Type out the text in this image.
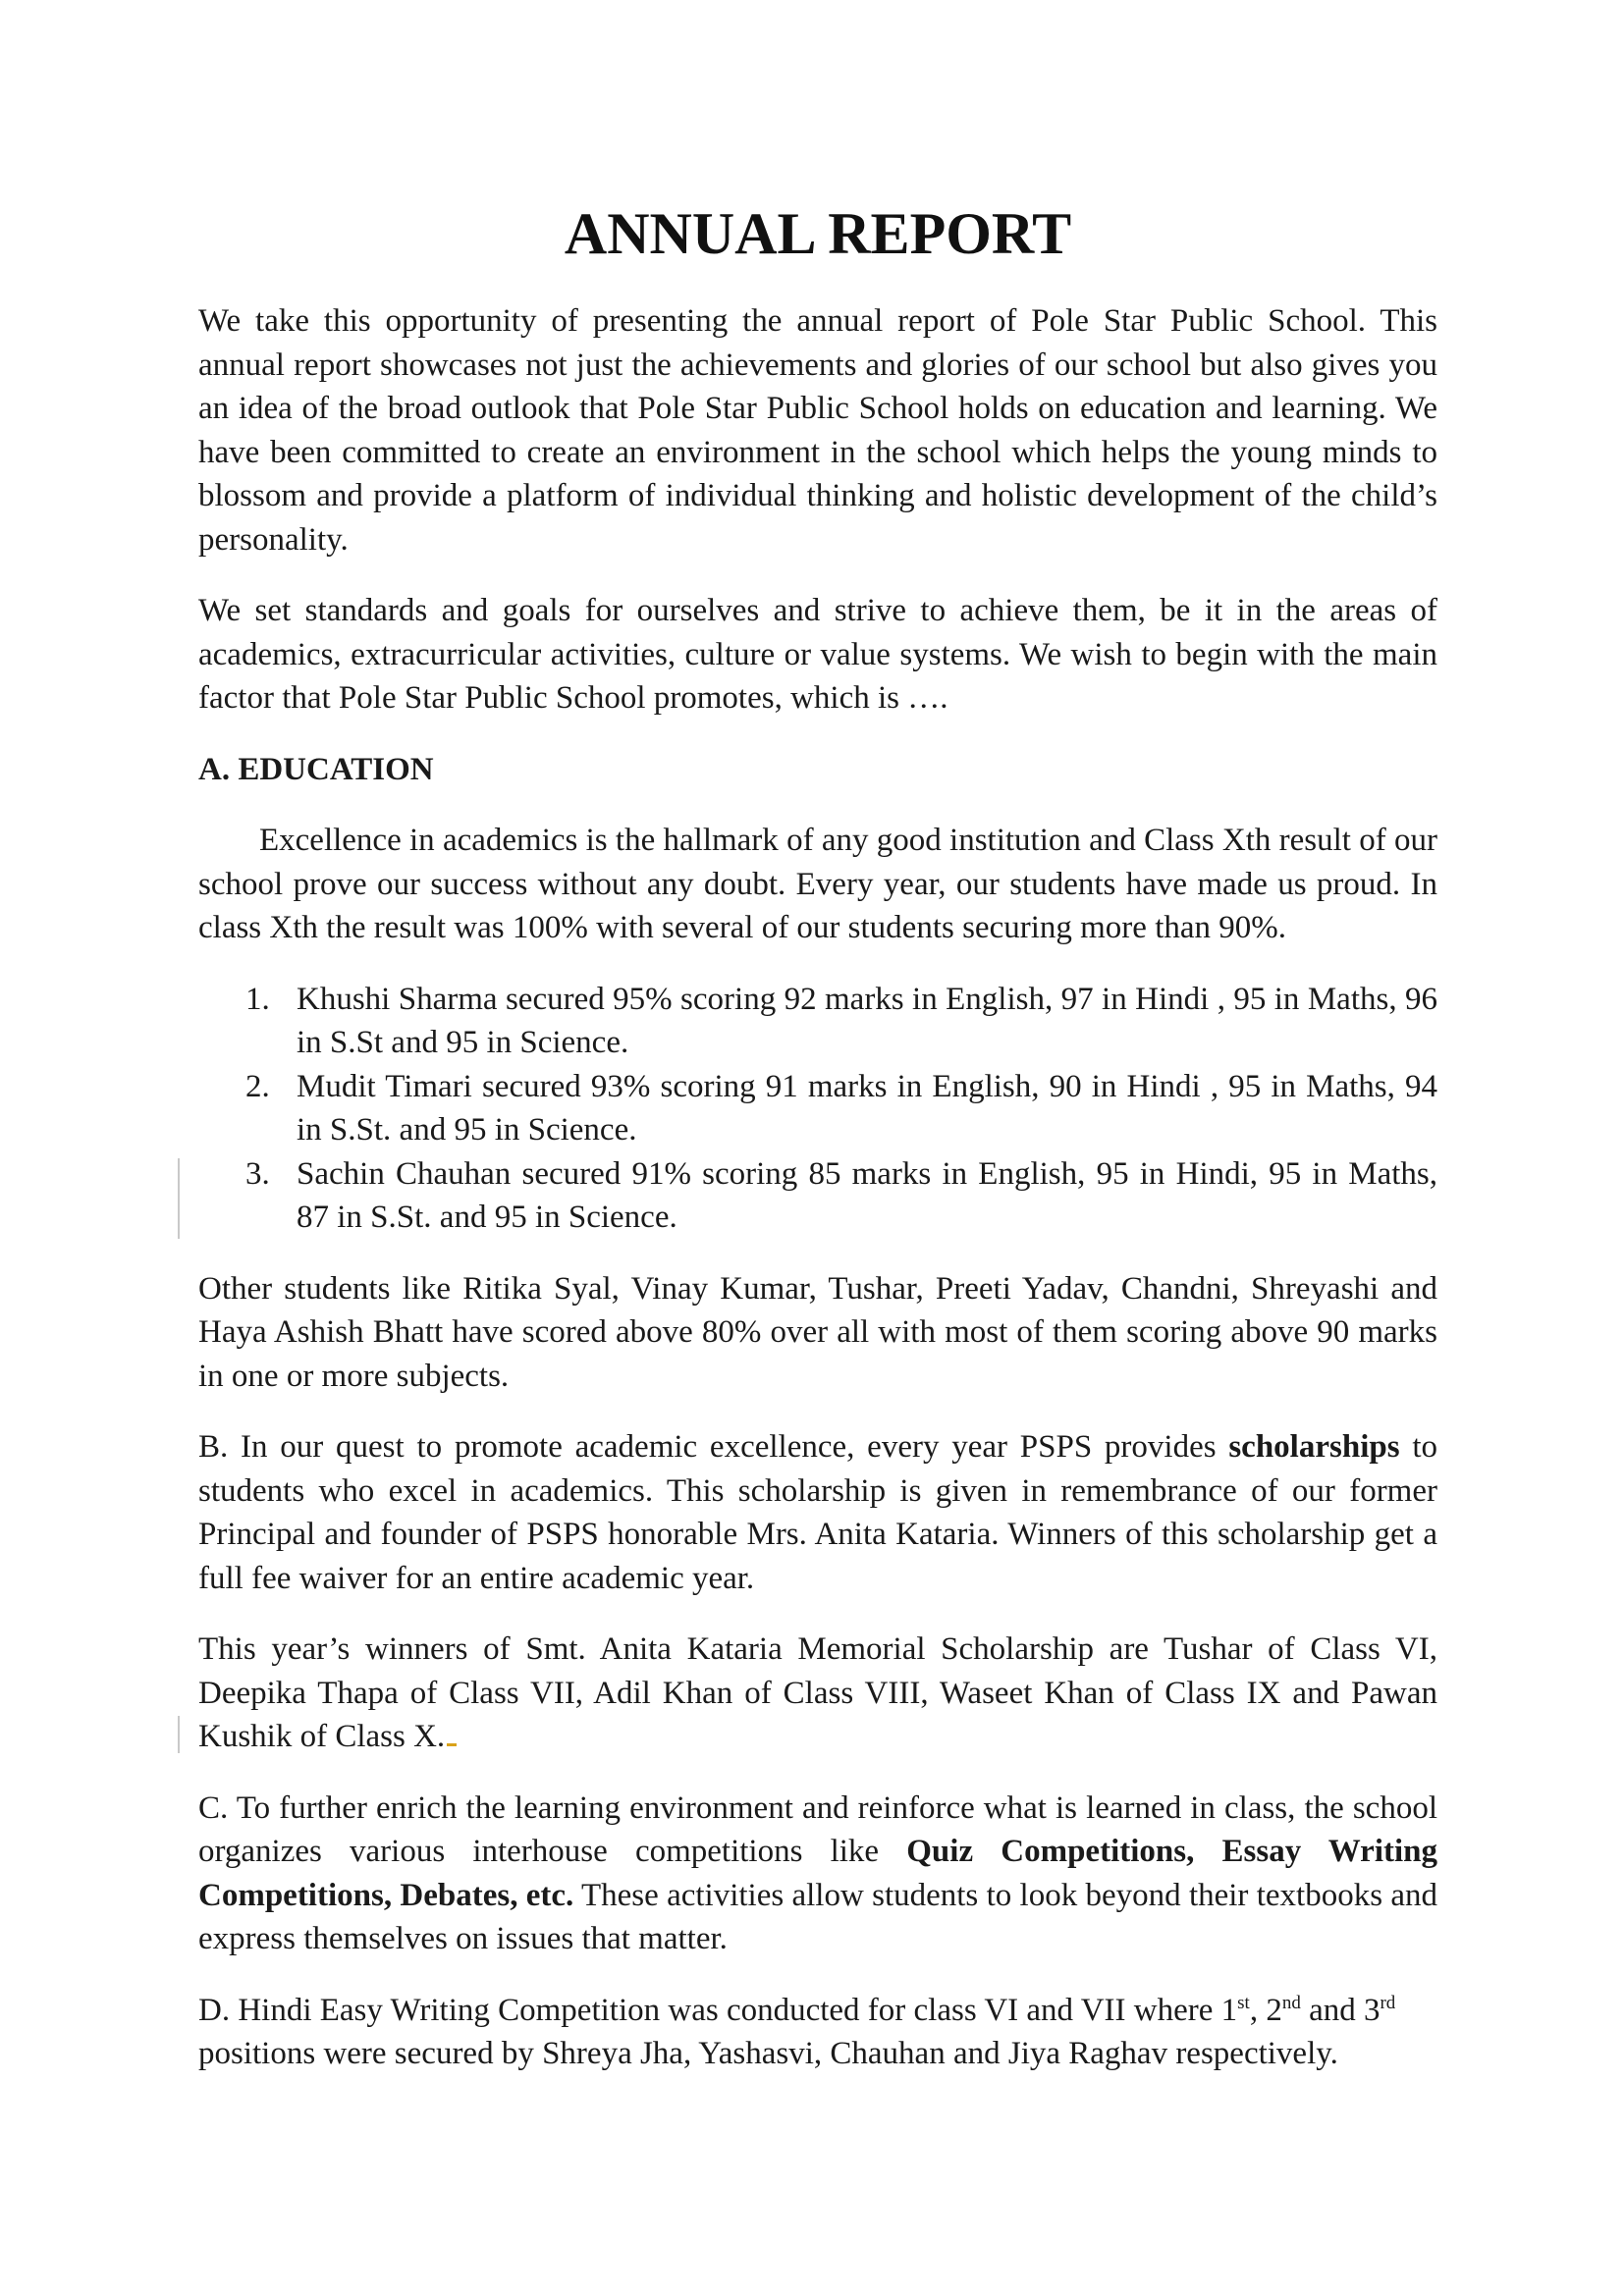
ANNUAL REPORT

We take this opportunity of presenting the annual report of Pole Star Public School. This annual report showcases not just the achievements and glories of our school but also gives you an idea of the broad outlook that Pole Star Public School holds on education and learning. We have been committed to create an environment in the school which helps the young minds to blossom and provide a platform of individual thinking and holistic development of the child’s personality.

We set standards and goals for ourselves and strive to achieve them, be it in the areas of academics, extracurricular activities, culture or value systems. We wish to begin with the main factor that Pole Star Public School promotes, which is ….

A. EDUCATION

Excellence in academics is the hallmark of any good institution and Class Xth result of our school prove our success without any doubt. Every year, our students have made us proud. In class Xth the result was 100% with several of our students securing more than 90%.

1. Khushi Sharma secured 95% scoring 92 marks in English, 97 in Hindi , 95 in Maths, 96 in S.St and 95 in Science.
2. Mudit Timari secured 93% scoring 91 marks in English, 90 in Hindi , 95 in Maths, 94 in S.St. and 95 in Science.
3. Sachin Chauhan secured 91% scoring 85 marks in English, 95 in Hindi, 95 in Maths, 87 in S.St. and 95 in Science.

Other students like Ritika Syal, Vinay Kumar, Tushar, Preeti Yadav, Chandni, Shreyashi and Haya Ashish Bhatt have scored above 80% over all with most of them scoring above 90 marks in one or more subjects.

B. In our quest to promote academic excellence, every year PSPS provides scholarships to students who excel in academics. This scholarship is given in remembrance of our former Principal and founder of PSPS honorable Mrs. Anita Kataria. Winners of this scholarship get a full fee waiver for an entire academic year.

This year’s winners of Smt. Anita Kataria Memorial Scholarship are Tushar of Class VI, Deepika Thapa of Class VII, Adil Khan of Class VIII, Waseet Khan of Class IX and Pawan Kushik of Class X.

C. To further enrich the learning environment and reinforce what is learned in class, the school organizes various interhouse competitions like Quiz Competitions, Essay Writing Competitions, Debates, etc. These activities allow students to look beyond their textbooks and express themselves on issues that matter.

D. Hindi Easy Writing Competition was conducted for class VI and VII where 1st, 2nd and 3rd positions were secured by Shreya Jha, Yashasvi, Chauhan and Jiya Raghav respectively.
